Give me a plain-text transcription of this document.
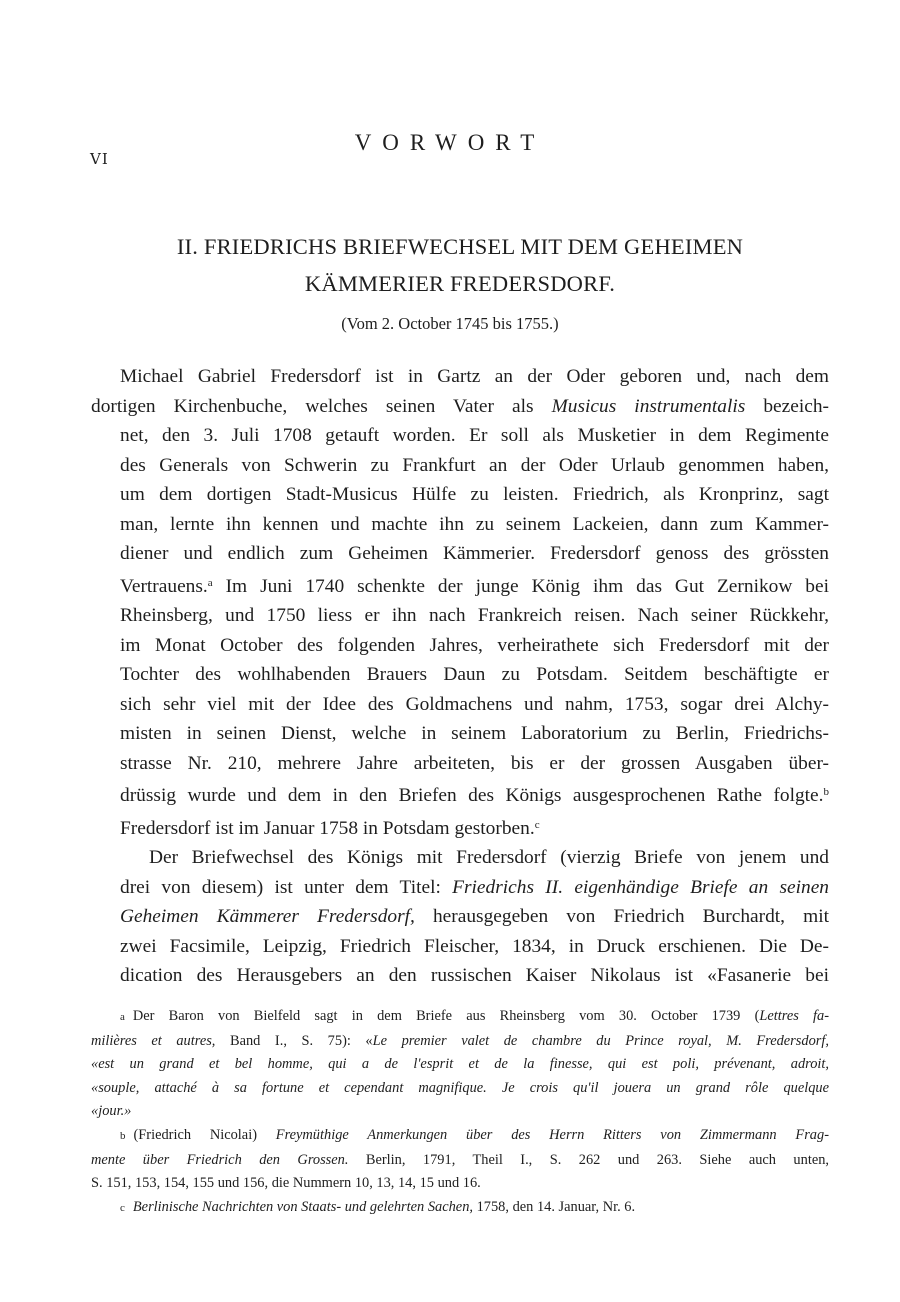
VI
VORWORT
II. FRIEDRICHS BRIEFWECHSEL MIT DEM GEHEIMEN
KÄMMERIER FREDERSDORF.
(Vom 2. October 1745 bis 1755.)

Michael Gabriel Fredersdorf ist in Gartz an der Oder geboren und, nach dem
dortigen Kirchenbuche, welches seinen Vater als Musicus instrumentalis bezeich-
net, den 3. Juli 1708 getauft worden. Er soll als Musketier in dem Regimente
des Generals von Schwerin zu Frankfurt an der Oder Urlaub genommen haben,
um dem dortigen Stadt-Musicus Hülfe zu leisten. Friedrich, als Kronprinz, sagt
man, lernte ihn kennen und machte ihn zu seinem Lackeien, dann zum Kammer-
diener und endlich zum Geheimen Kämmerier. Fredersdorf genoss des grössten
Vertrauens.$^a$ Im Juni 1740 schenkte der junge König ihm das Gut Zernikow bei
Rheinsberg, und 1750 liess er ihn nach Frankreich reisen. Nach seiner Rückkehr,
im Monat October des folgenden Jahres, verheirathete sich Fredersdorf mit der
Tochter des wohlhabenden Brauers Daun zu Potsdam. Seitdem beschäftigte er
sich sehr viel mit der Idee des Goldmachens und nahm, 1753, sogar drei Alchy-
misten in seinen Dienst, welche in seinem Laboratorium zu Berlin, Friedrichs-
strasse Nr. 210, mehrere Jahre arbeiteten, bis er der grossen Ausgaben über-
drüssig wurde und dem in den Briefen des Königs ausgesprochenen Rathe folgte.$^b$
Fredersdorf ist im Januar 1758 in Potsdam gestorben.$^c$

Der Briefwechsel des Königs mit Fredersdorf (vierzig Briefe von jenem und
drei von diesem) ist unter dem Titel: Friedrichs II. eigenhändige Briefe an seinen
Geheimen Kämmerer Fredersdorf, herausgegeben von Friedrich Burchardt, mit
zwei Facsimile, Leipzig, Friedrich Fleischer, 1834, in Druck erschienen. Die De-
dication des Herausgebers an den russischen Kaiser Nikolaus ist «Fasanerie bei

a Der Baron von Bielfeld sagt in dem Briefe aus Rheinsberg vom 30. October 1739 (Lettres fa-
milières et autres, Band I., S. 75): «Le premier valet de chambre du Prince royal, M. Fredersdorf,
«est un grand et bel homme, qui a de l'esprit et de la finesse, qui est poli, prévenant, adroit,
«souple, attaché à sa fortune et cependant magnifique. Je crois qu'il jouera un grand rôle quelque
«jour.»
b (Friedrich Nicolai) Freymüthige Anmerkungen über des Herrn Ritters von Zimmermann Frag-
mente über Friedrich den Grossen. Berlin, 1791, Theil I., S. 262 und 263. Siehe auch unten,
S. 151, 153, 154, 155 und 156, die Nummern 10, 13, 14, 15 und 16.
c Berlinische Nachrichten von Staats- und gelehrten Sachen, 1758, den 14. Januar, Nr. 6.
